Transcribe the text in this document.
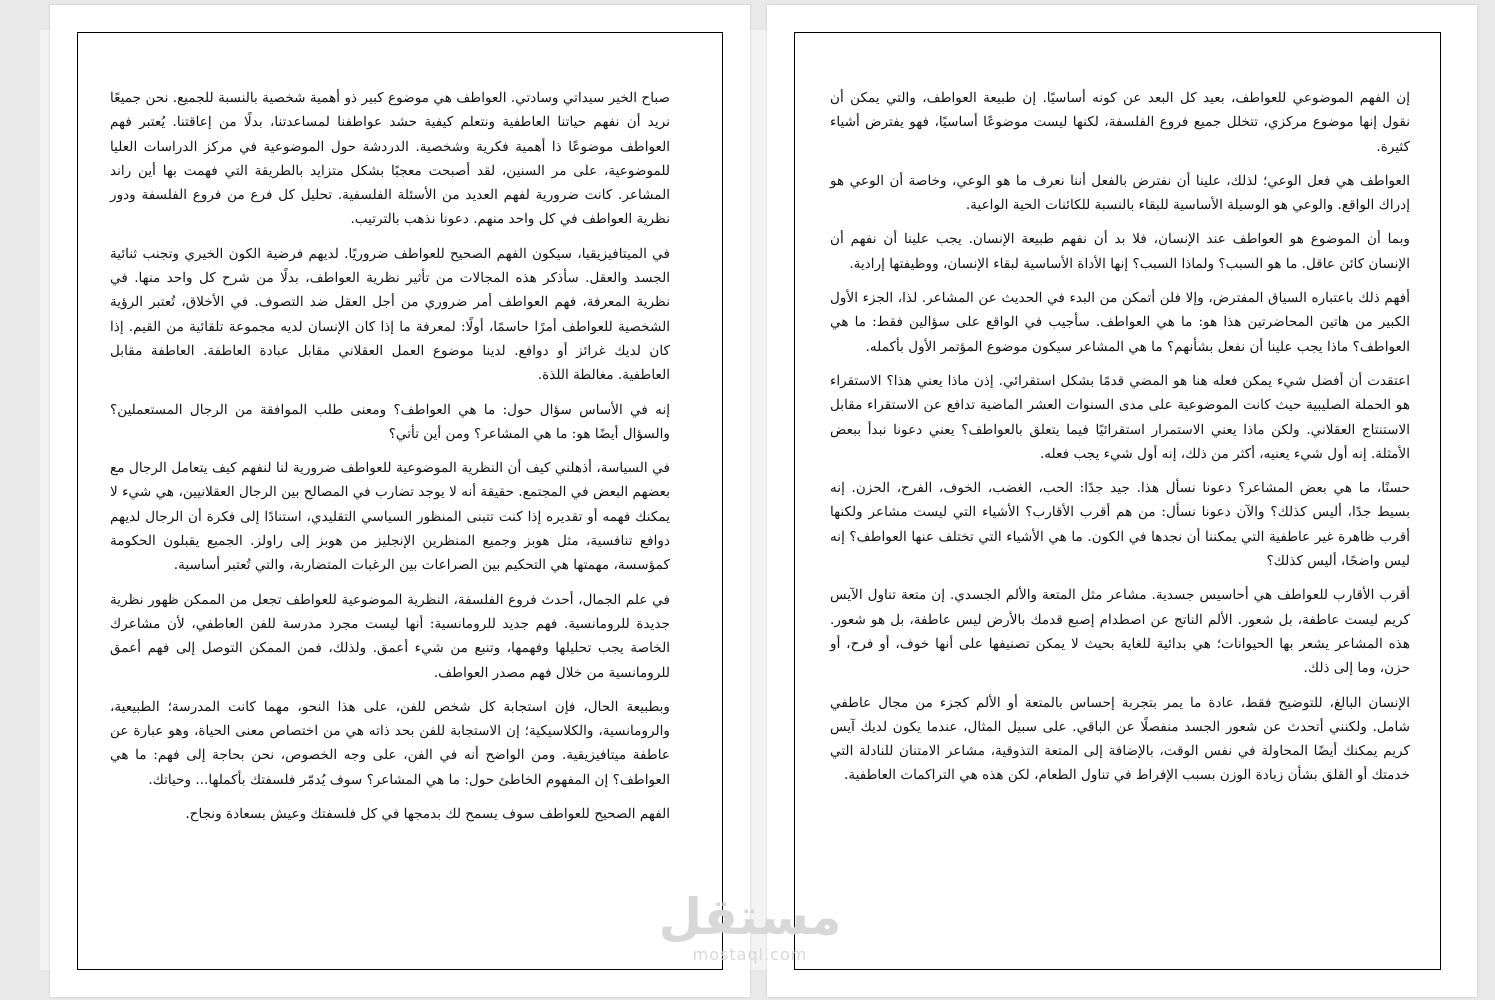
صباح الخير سيداتي وسادتي. العواطف هي موضوع كبير ذو أهمية شخصية بالنسبة للجميع. نحن جميعًا نريد أن نفهم حياتنا العاطفية ونتعلم كيفية حشد عواطفنا لمساعدتنا، بدلًا من إعاقتنا. يُعتبر فهم العواطف موضوعًا ذا أهمية فكرية وشخصية. الدردشة حول الموضوعية في مركز الدراسات العليا للموضوعية، على مر السنين، لقد أصبحت معجبًا بشكل متزايد بالطريقة التي فهمت بها أين راند المشاعر. كانت ضرورية لفهم العديد من الأسئلة الفلسفية. تحليل كل فرع من فروع الفلسفة ودور نظرية العواطف في كل واحد منهم. دعونا نذهب بالترتيب.

في الميتافيزيقيا، سيكون الفهم الصحيح للعواطف ضروريًا. لديهم فرضية الكون الخيري وتجنب ثنائية الجسد والعقل. سأذكر هذه المجالات من تأثير نظرية العواطف، بدلًا من شرح كل واحد منها. في نظرية المعرفة، فهم العواطف أمر ضروري من أجل العقل ضد التصوف. في الأخلاق، تُعتبر الرؤية الشخصية للعواطف أمرًا حاسمًا، أولًا: لمعرفة ما إذا كان الإنسان لديه مجموعة تلقائية من القيم. إذا كان لديك غرائز أو دوافع. لدينا موضوع العمل العقلاني مقابل عبادة العاطفة. العاطفة مقابل العاطفية. مغالطة اللذة.

إنه في الأساس سؤال حول: ما هي العواطف؟ ومعنى طلب الموافقة من الرجال المستعملين؟ والسؤال أيضًا هو: ما هي المشاعر؟ ومن أين تأتي؟

في السياسة، أذهلني كيف أن النظرية الموضوعية للعواطف ضرورية لنا لنفهم كيف يتعامل الرجال مع بعضهم البعض في المجتمع. حقيقة أنه لا يوجد تضارب في المصالح بين الرجال العقلانيين، هي شيء لا يمكنك فهمه أو تقديره إذا كنت تتبنى المنظور السياسي التقليدي، استنادًا إلى فكرة أن الرجال لديهم دوافع تنافسية، مثل هوبز وجميع المنظرين الإنجليز من هوبز إلى راولز. الجميع يقبلون الحكومة كمؤسسة، مهمتها هي التحكيم بين الصراعات بين الرغبات المتضاربة، والتي تُعتبر أساسية.

في علم الجمال، أحدث فروع الفلسفة، النظرية الموضوعية للعواطف تجعل من الممكن ظهور نظرية جديدة للرومانسية. فهم جديد للرومانسية: أنها ليست مجرد مدرسة للفن العاطفي، لأن مشاعرك الخاصة يجب تحليلها وفهمها، وتنبع من شيء أعمق. ولذلك، فمن الممكن التوصل إلى فهم أعمق للرومانسية من خلال فهم مصدر العواطف.

وبطبيعة الحال، فإن استجابة كل شخص للفن، على هذا النحو، مهما كانت المدرسة؛ الطبيعية، والرومانسية، والكلاسيكية؛ إن الاستجابة للفن بحد ذاته هي من اختصاص معنى الحياة، وهو عبارة عن عاطفة ميتافيزيقية. ومن الواضح أنه في الفن، على وجه الخصوص، نحن بحاجة إلى فهم: ما هي العواطف؟ إن المفهوم الخاطئ حول: ما هي المشاعر؟ سوف يُدمّر فلسفتك بأكملها... وحياتك.

الفهم الصحيح للعواطف سوف يسمح لك بدمجها في كل فلسفتك وعيش بسعادة ونجاح.

إن الفهم الموضوعي للعواطف، بعيد كل البعد عن كونه أساسيًا. إن طبيعة العواطف، والتي يمكن أن نقول إنها موضوع مركزي، تتخلل جميع فروع الفلسفة، لكنها ليست موضوعًا أساسيًا، فهو يفترض أشياء كثيرة.

العواطف هي فعل الوعي؛ لذلك، علينا أن نفترض بالفعل أننا نعرف ما هو الوعي، وخاصة أن الوعي هو إدراك الواقع. والوعي هو الوسيلة الأساسية للبقاء بالنسبة للكائنات الحية الواعية.

وبما أن الموضوع هو العواطف عند الإنسان، فلا بد أن نفهم طبيعة الإنسان. يجب علينا أن نفهم أن الإنسان كائن عاقل. ما هو السبب؟ ولماذا السبب؟ إنها الأداة الأساسية لبقاء الإنسان، ووظيفتها إرادية.

أفهم ذلك باعتباره السياق المفترض، وإلا فلن أتمكن من البدء في الحديث عن المشاعر. لذا، الجزء الأول الكبير من هاتين المحاضرتين هذا هو: ما هي العواطف. سأجيب في الواقع على سؤالين فقط: ما هي العواطف؟ ماذا يجب علينا أن نفعل بشأنهم؟ ما هي المشاعر سيكون موضوع المؤتمر الأول بأكمله.

اعتقدت أن أفضل شيء يمكن فعله هنا هو المضي قدمًا بشكل استقرائي. إذن ماذا يعني هذا؟ الاستقراء هو الحملة الصليبية حيث كانت الموضوعية على مدى السنوات العشر الماضية تدافع عن الاستقراء مقابل الاستنتاج العقلاني. ولكن ماذا يعني الاستمرار استقرائيًا فيما يتعلق بالعواطف؟ يعني دعونا نبدأ ببعض الأمثلة. إنه أول شيء يعنيه، أكثر من ذلك، إنه أول شيء يجب فعله.

حسنًا، ما هي بعض المشاعر؟ دعونا نسأل هذا. جيد جدًا: الحب، الغضب، الخوف، الفرح، الحزن. إنه بسيط جدًا، أليس كذلك؟ والآن دعونا نسأل: من هم أقرب الأقارب؟ الأشياء التي ليست مشاعر ولكنها أقرب ظاهرة غير عاطفية التي يمكننا أن نجدها في الكون. ما هي الأشياء التي تختلف عنها العواطف؟ إنه ليس واضحًا، أليس كذلك؟

أقرب الأقارب للعواطف هي أحاسيس جسدية. مشاعر مثل المتعة والألم الجسدي. إن متعة تناول الآيس كريم ليست عاطفة، بل شعور. الألم الناتج عن اصطدام إصبع قدمك بالأرض ليس عاطفة، بل هو شعور. هذه المشاعر يشعر بها الحيوانات؛ هي بدائية للغاية بحيث لا يمكن تصنيفها على أنها خوف، أو فرح، أو حزن، وما إلى ذلك.

الإنسان البالغ، للتوضيح فقط، عادة ما يمر بتجربة إحساس بالمتعة أو الألم كجزء من مجال عاطفي شامل. ولكنني أتحدث عن شعور الجسد منفصلًا عن الباقي. على سبيل المثال، عندما يكون لديك آيس كريم يمكنك أيضًا المحاولة في نفس الوقت، بالإضافة إلى المتعة التذوقية، مشاعر الامتنان للنادلة التي خدمتك أو القلق بشأن زيادة الوزن بسبب الإفراط في تناول الطعام، لكن هذه هي التراكمات العاطفية.

مستقل
mostaql.com
